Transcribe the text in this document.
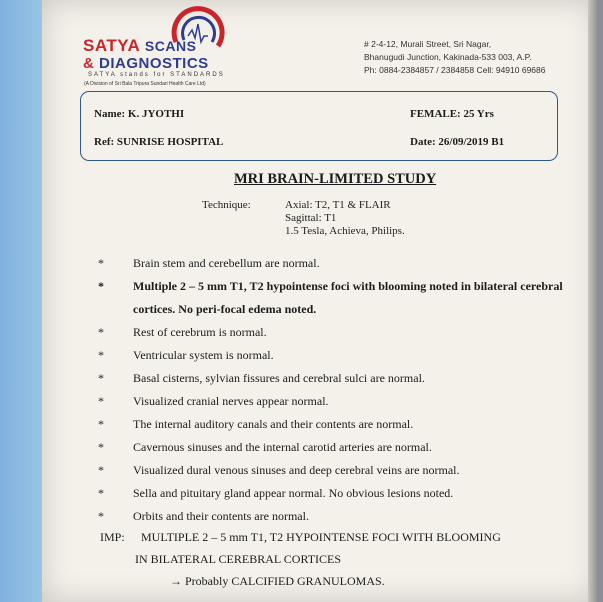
SATYA SCANS
& DIAGNOSTICS
SATYA stands for STANDARDS
(A Division of Sri Bala Tripura Sundari Health Care Ltd)
# 2-4-12, Murali Street, Sri Nagar,
Bhanugudi Junction, Kakinada-533 003, A.P.
Ph: 0884-2384857 / 2384858 Cell: 94910 69686
Name: K. JYOTHI	FEMALE: 25 Yrs
Ref: SUNRISE HOSPITAL	Date: 26/09/2019 B1
MRI BRAIN-LIMITED STUDY
Technique:	Axial: T2, T1 & FLAIR
Sagittal: T1
1.5 Tesla, Achieva, Philips.
* Brain stem and cerebellum are normal.
* Multiple 2 – 5 mm T1, T2 hypointense foci with blooming noted in bilateral cerebral cortices. No peri-focal edema noted.
* Rest of cerebrum is normal.
* Ventricular system is normal.
* Basal cisterns, sylvian fissures and cerebral sulci are normal.
* Visualized cranial nerves appear normal.
* The internal auditory canals and their contents are normal.
* Cavernous sinuses and the internal carotid arteries are normal.
* Visualized dural venous sinuses and deep cerebral veins are normal.
* Sella and pituitary gland appear normal. No obvious lesions noted.
* Orbits and their contents are normal.
IMP: MULTIPLE 2 – 5 mm T1, T2 HYPOINTENSE FOCI WITH BLOOMING
IN BILATERAL CEREBRAL CORTICES
→ Probably CALCIFIED GRANULOMAS.
